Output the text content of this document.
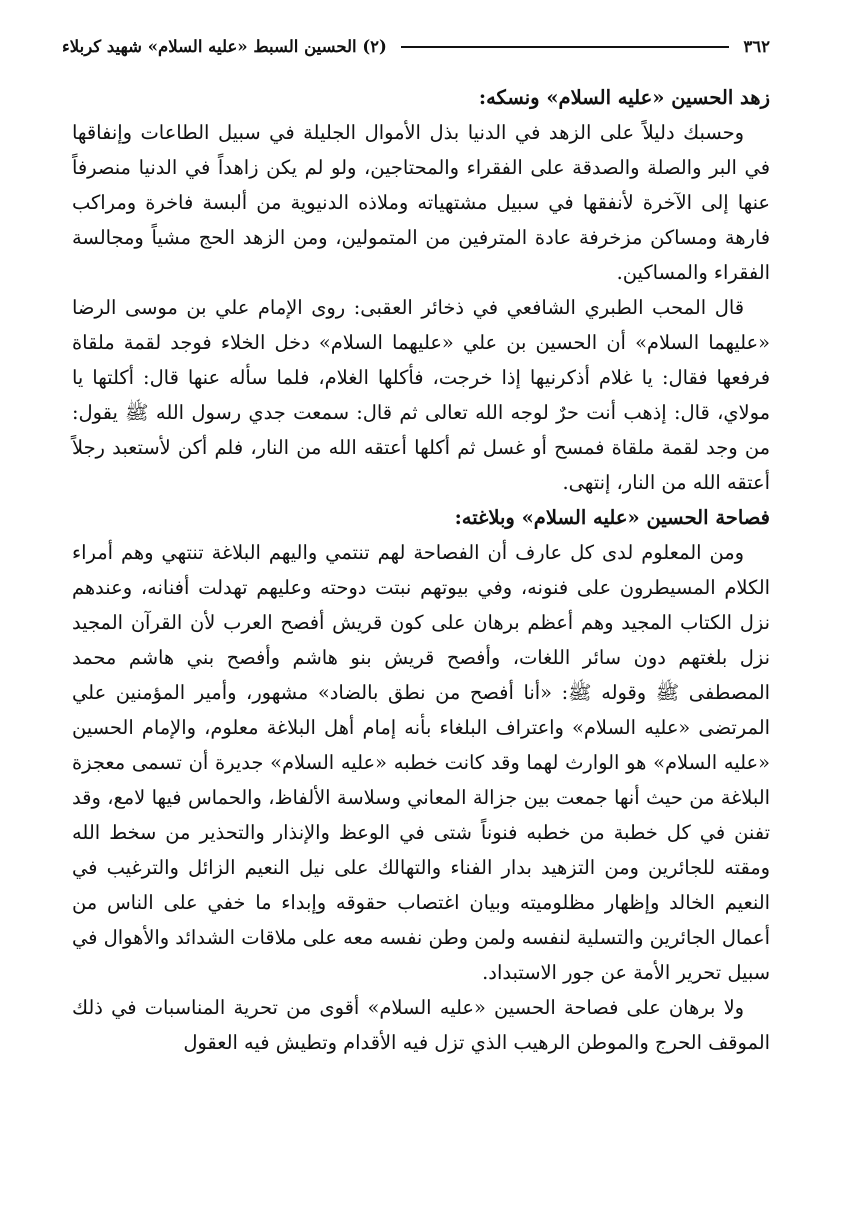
٣٦٢
(٢) الحسين السبط «عليه السلام» شهيد كربلاء

زهد الحسين «عليه السلام» ونسكه:

وحسبك دليلاً على الزهد في الدنيا بذل الأموال الجليلة في سبيل الطاعات وإنفاقها في البر والصلة والصدقة على الفقراء والمحتاجين، ولو لم يكن زاهداً في الدنيا منصرفاً عنها إلى الآخرة لأنفقها في سبيل مشتهياته وملاذه الدنيوية من ألبسة فاخرة ومراكب فارهة ومساكن مزخرفة عادة المترفين من المتمولين، ومن الزهد الحج مشياً ومجالسة الفقراء والمساكين.

قال المحب الطبري الشافعي في ذخائر العقبى: روى الإمام علي بن موسى الرضا «عليهما السلام» أن الحسين بن علي «عليهما السلام» دخل الخلاء فوجد لقمة ملقاة فرفعها فقال: يا غلام أذكرنيها إذا خرجت، فأكلها الغلام، فلما سأله عنها قال: أكلتها يا مولاي، قال: إذهب أنت حرٌ لوجه الله تعالى ثم قال: سمعت جدي رسول الله ﷺ يقول: من وجد لقمة ملقاة فمسح أو غسل ثم أكلها أعتقه الله من النار، فلم أكن لأستعبد رجلاً أعتقه الله من النار، إنتهى.

فصاحة الحسين «عليه السلام» وبلاغته:

ومن المعلوم لدى كل عارف أن الفصاحة لهم تنتمي واليهم البلاغة تنتهي وهم أمراء الكلام المسيطرون على فنونه، وفي بيوتهم نبتت دوحته وعليهم تهدلت أفنانه، وعندهم نزل الكتاب المجيد وهم أعظم برهان على كون قريش أفصح العرب لأن القرآن المجيد نزل بلغتهم دون سائر اللغات، وأفصح قريش بنو هاشم وأفصح بني هاشم محمد المصطفى ﷺ وقوله ﷺ: «أنا أفصح من نطق بالضاد» مشهور، وأمير المؤمنين علي المرتضى «عليه السلام» واعتراف البلغاء بأنه إمام أهل البلاغة معلوم، والإمام الحسين «عليه السلام» هو الوارث لهما وقد كانت خطبه «عليه السلام» جديرة أن تسمى معجزة البلاغة من حيث أنها جمعت بين جزالة المعاني وسلاسة الألفاظ، والحماس فيها لامع، وقد تفنن في كل خطبة من خطبه فنوناً شتى في الوعظ والإنذار والتحذير من سخط الله ومقته للجائرين ومن التزهيد بدار الفناء والتهالك على نيل النعيم الزائل والترغيب في النعيم الخالد وإظهار مظلوميته وبيان اغتصاب حقوقه وإبداء ما خفي على الناس من أعمال الجائرين والتسلية لنفسه ولمن وطن نفسه معه على ملاقات الشدائد والأهوال في سبيل تحرير الأمة عن جور الاستبداد.

ولا برهان على فصاحة الحسين «عليه السلام» أقوى من تحرية المناسبات في ذلك الموقف الحرج والموطن الرهيب الذي تزل فيه الأقدام وتطيش فيه العقول
